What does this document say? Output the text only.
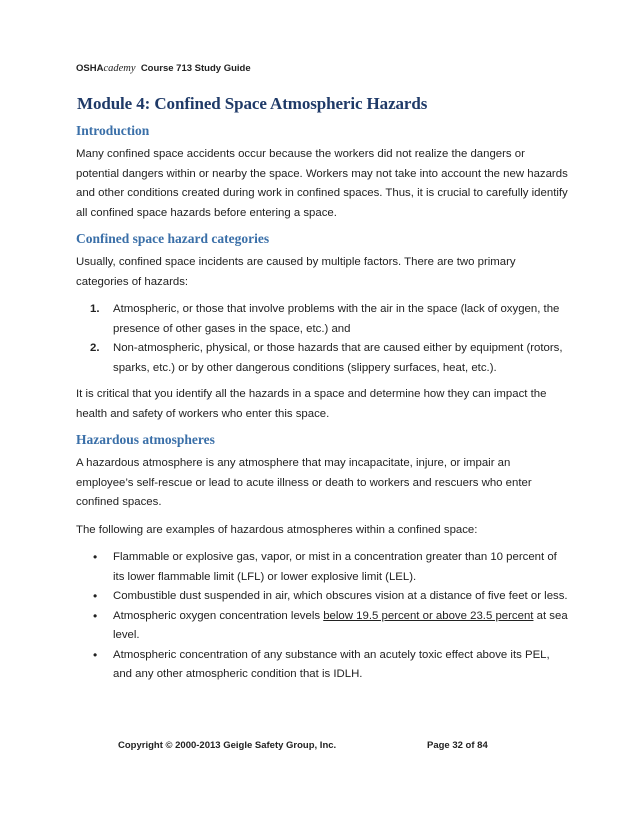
OSHAcademy Course 713 Study Guide
Module 4: Confined Space Atmospheric Hazards
Introduction

Many confined space accidents occur because the workers did not realize the dangers or potential dangers within or nearby the space. Workers may not take into account the new hazards and other conditions created during work in confined spaces. Thus, it is crucial to carefully identify all confined space hazards before entering a space.

Confined space hazard categories

Usually, confined space incidents are caused by multiple factors. There are two primary categories of hazards:

1. Atmospheric, or those that involve problems with the air in the space (lack of oxygen, the presence of other gases in the space, etc.) and
2. Non-atmospheric, physical, or those hazards that are caused either by equipment (rotors, sparks, etc.) or by other dangerous conditions (slippery surfaces, heat, etc.).

It is critical that you identify all the hazards in a space and determine how they can impact the health and safety of workers who enter this space.

Hazardous atmospheres

A hazardous atmosphere is any atmosphere that may incapacitate, injure, or impair an employee’s self-rescue or lead to acute illness or death to workers and rescuers who enter confined spaces.

The following are examples of hazardous atmospheres within a confined space:

• Flammable or explosive gas, vapor, or mist in a concentration greater than 10 percent of its lower flammable limit (LFL) or lower explosive limit (LEL).
• Combustible dust suspended in air, which obscures vision at a distance of five feet or less.
• Atmospheric oxygen concentration levels below 19.5 percent or above 23.5 percent at sea level.
• Atmospheric concentration of any substance with an acutely toxic effect above its PEL, and any other atmospheric condition that is IDLH.
Copyright © 2000-2013 Geigle Safety Group, Inc.	Page 32 of 84
